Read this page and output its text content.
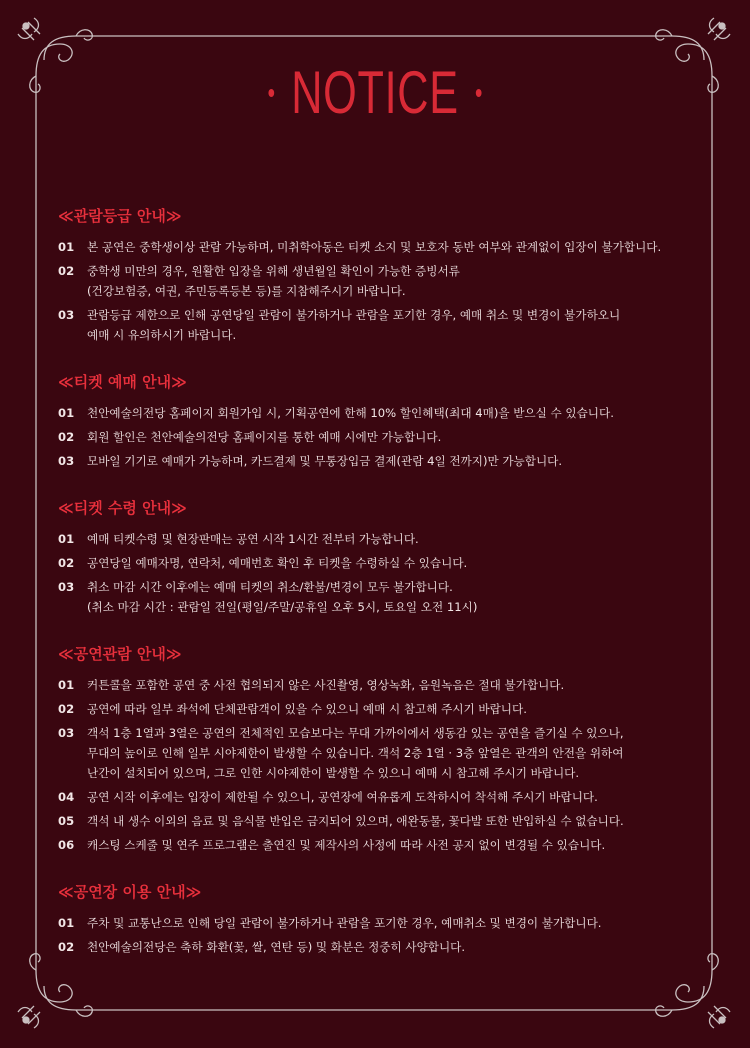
NOTICE
≪관람등급 안내≫
01	본 공연은 중학생이상 관람 가능하며, 미취학아동은 티켓 소지 및 보호자 동반 여부와 관계없이 입장이 불가합니다.
02	중학생 미만의 경우, 원활한 입장을 위해 생년월일 확인이 가능한 증빙서류
(건강보험증, 여권, 주민등록등본 등)를 지참해주시기 바랍니다.
03	관람등급 제한으로 인해 공연당일 관람이 불가하거나 관람을 포기한 경우, 예매 취소 및 변경이 불가하오니
예매 시 유의하시기 바랍니다.
≪티켓 예매 안내≫
01	천안예술의전당 홈페이지 회원가입 시, 기획공연에 한해 10% 할인혜택(최대 4매)을 받으실 수 있습니다.
02	회원 할인은 천안예술의전당 홈페이지를 통한 예매 시에만 가능합니다.
03	모바일 기기로 예매가 가능하며, 카드결제 및 무통장입금 결제(관람 4일 전까지)만 가능합니다.
≪티켓 수령 안내≫
01	예매 티켓수령 및 현장판매는 공연 시작 1시간 전부터 가능합니다.
02	공연당일 예매자명, 연락처, 예매번호 확인 후 티켓을 수령하실 수 있습니다.
03	취소 마감 시간 이후에는 예매 티켓의 취소/환불/변경이 모두 불가합니다.
(취소 마감 시간 : 관람일 전일(평일/주말/공휴일 오후 5시, 토요일 오전 11시)
≪공연관람 안내≫
01	커튼콜을 포함한 공연 중 사전 협의되지 않은 사진촬영, 영상녹화, 음원녹음은 절대 불가합니다.
02	공연에 따라 일부 좌석에 단체관람객이 있을 수 있으니 예매 시 참고해 주시기 바랍니다.
03	객석 1층 1열과 3열은 공연의 전체적인 모습보다는 무대 가까이에서 생동감 있는 공연을 즐기실 수 있으나,
무대의 높이로 인해 일부 시야제한이 발생할 수 있습니다. 객석 2층 1열 · 3층 앞열은 관객의 안전을 위하여
난간이 설치되어 있으며, 그로 인한 시야제한이 발생할 수 있으니 예매 시 참고해 주시기 바랍니다.
04	공연 시작 이후에는 입장이 제한될 수 있으니, 공연장에 여유롭게 도착하시어 착석해 주시기 바랍니다.
05	객석 내 생수 이외의 음료 및 음식물 반입은 금지되어 있으며, 애완동물, 꽃다발 또한 반입하실 수 없습니다.
06	캐스팅 스케줄 및 연주 프로그램은 출연진 및 제작사의 사정에 따라 사전 공지 없이 변경될 수 있습니다.
≪공연장 이용 안내≫
01	주차 및 교통난으로 인해 당일 관람이 불가하거나 관람을 포기한 경우, 예매취소 및 변경이 불가합니다.
02	천안예술의전당은 축하 화환(꽃, 쌀, 연탄 등) 및 화분은 정중히 사양합니다.
